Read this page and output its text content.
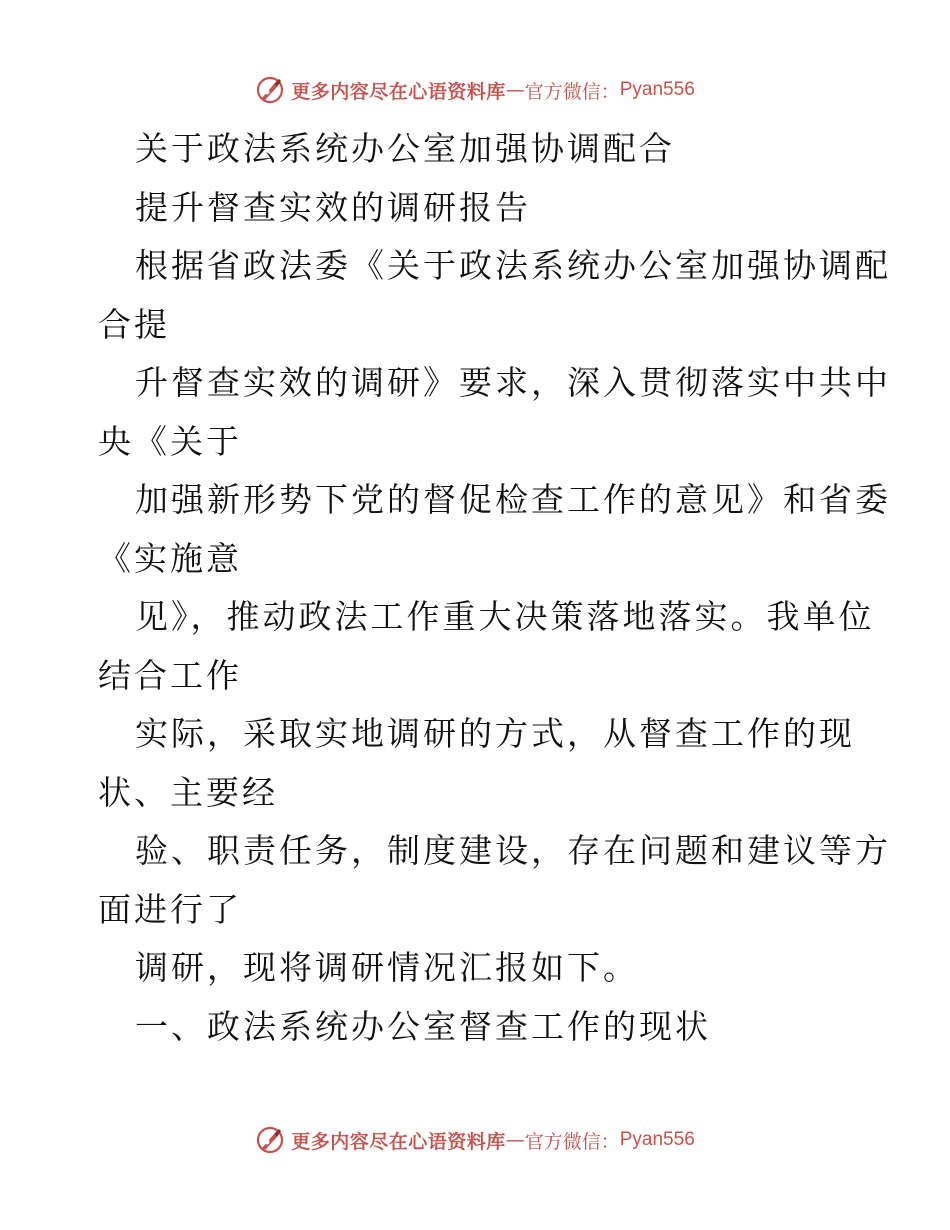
更多内容尽在心语资料库 — 官方微信： Pyan556
关于政法系统办公室加强协调配合
提升督查实效的调研报告
根据省政法委《关于政法系统办公室加强协调配
合提
升督查实效的调研》要求，深入贯彻落实中共中
央《关于
加强新形势下党的督促检查工作的意见》和省委
《实施意
见》，推动政法工作重大决策落地落实。我单位
结合工作
实际，采取实地调研的方式，从督查工作的现
状、主要经
验、职责任务，制度建设，存在问题和建议等方
面进行了
调研，现将调研情况汇报如下。
一、政法系统办公室督查工作的现状
更多内容尽在心语资料库 — 官方微信： Pyan556
